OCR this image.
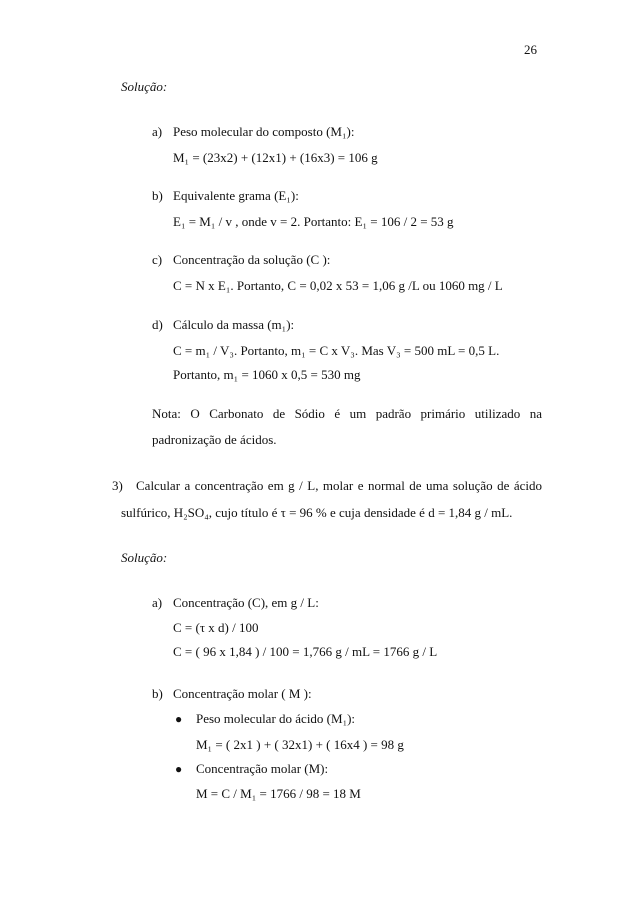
26
Solução:
a) Peso molecular do composto (M₁):
M₁ = (23x2) + (12x1) + (16x3) = 106 g
b) Equivalente grama (E₁):
E₁ = M₁ / v , onde v = 2. Portanto: E₁ = 106 / 2 = 53 g
c) Concentração da solução (C ):
C = N x E₁. Portanto, C = 0,02 x 53 = 1,06 g /L ou 1060 mg / L
d) Cálculo da massa (m₁):
C = m₁ / V₃. Portanto, m₁ = C x V₃. Mas V₃ = 500 mL = 0,5 L.
Portanto, m₁ = 1060 x 0,5 = 530 mg
Nota: O Carbonato de Sódio é um padrão primário utilizado na
padronização de ácidos.
3) Calcular a concentração em g / L, molar e normal de uma solução de ácido
sulfúrico, H₂SO₄, cujo título é τ = 96 % e cuja densidade é d = 1,84 g / mL.
Solução:
a) Concentração (C), em g / L:
C = (τ x d) / 100
C = ( 96 x 1,84 ) / 100 = 1,766 g / mL = 1766 g / L
b) Concentração molar ( M ):
● Peso molecular do ácido (M₁):
M₁ = ( 2x1 ) + ( 32x1) + ( 16x4 ) = 98 g
● Concentração molar (M):
M = C / M₁ = 1766 / 98 = 18 M
